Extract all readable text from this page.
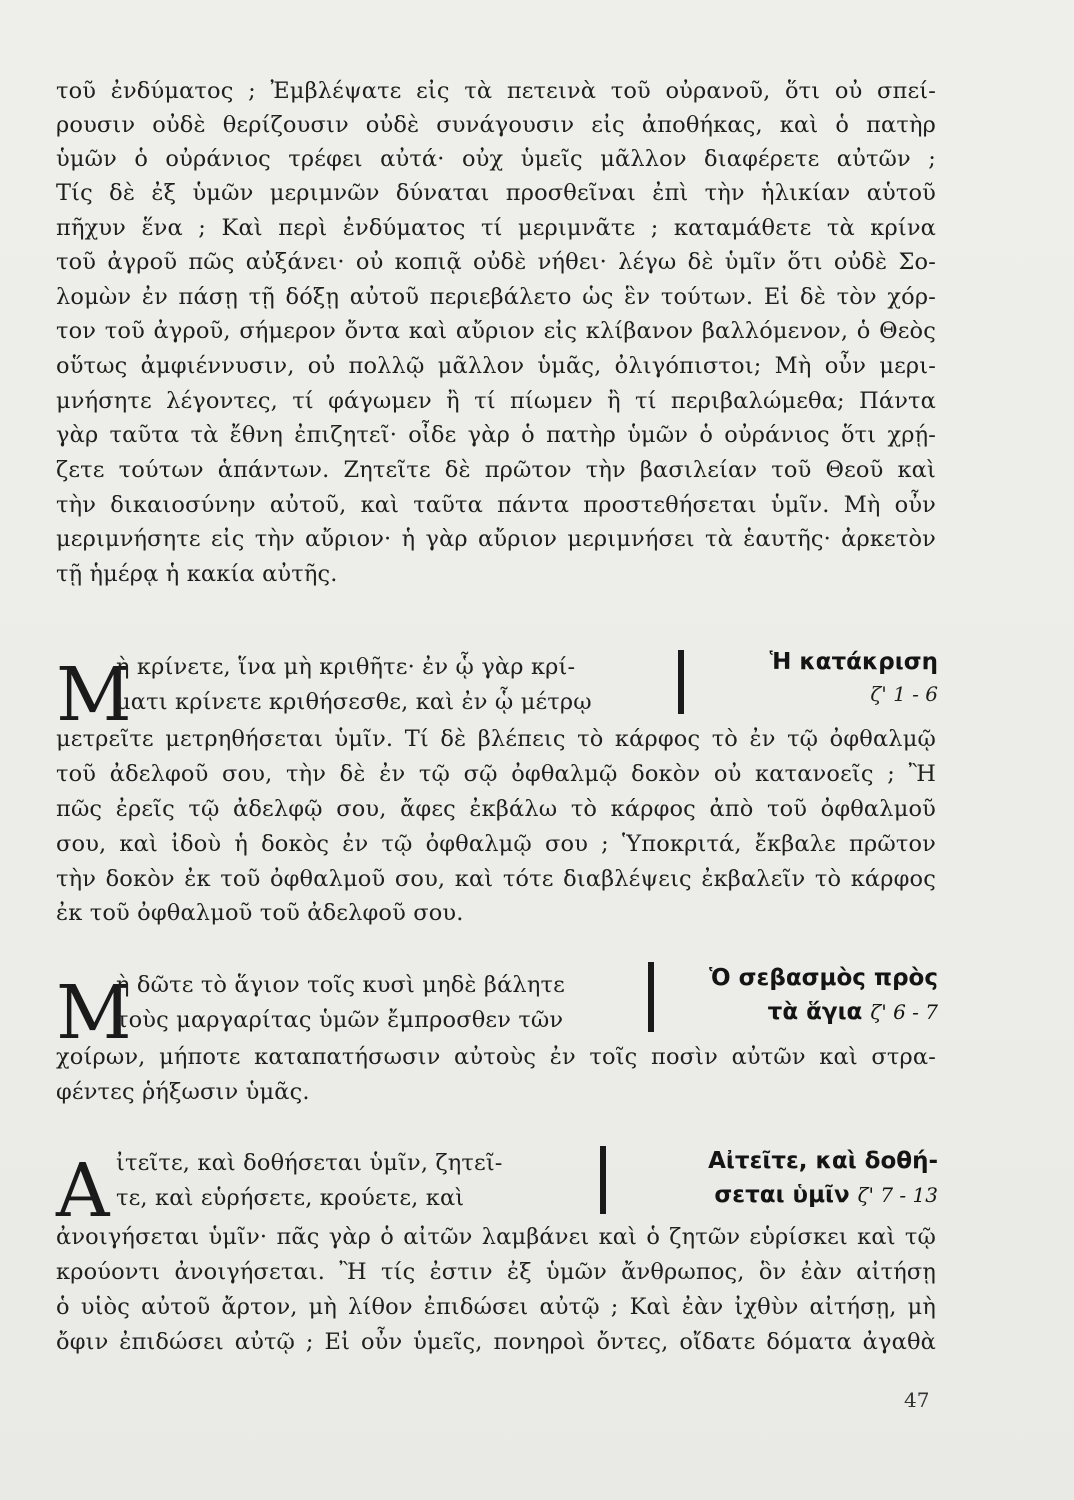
τοῦ ἐνδύματος ; Ἐμβλέψατε εἰς τὰ πετεινὰ τοῦ οὐρανοῦ, ὅτι οὐ σπεί-
ρουσιν οὐδὲ θερίζουσιν οὐδὲ συνάγουσιν εἰς ἀποθήκας, καὶ ὁ πατὴρ
ὑμῶν ὁ οὐράνιος τρέφει αὐτά· οὐχ ὑμεῖς μᾶλλον διαφέρετε αὐτῶν ;
Τίς δὲ ἐξ ὑμῶν μεριμνῶν δύναται προσθεῖναι ἐπὶ τὴν ἡλικίαν αὑτοῦ
πῆχυν ἕνα ; Καὶ περὶ ἐνδύματος τί μεριμνᾶτε ; καταμάθετε τὰ κρίνα
τοῦ ἀγροῦ πῶς αὐξάνει· οὐ κοπιᾷ οὐδὲ νήθει· λέγω δὲ ὑμῖν ὅτι οὐδὲ Σο-
λομὼν ἐν πάσῃ τῇ δόξῃ αὐτοῦ περιεβάλετο ὡς ἓν τούτων. Εἰ δὲ τὸν χόρ-
τον τοῦ ἀγροῦ, σήμερον ὄντα καὶ αὔριον εἰς κλίβανον βαλλόμενον, ὁ Θεὸς
οὕτως ἀμφιέννυσιν, οὐ πολλῷ μᾶλλον ὑμᾶς, ὀλιγόπιστοι; Μὴ οὖν μερι-
μνήσητε λέγοντες, τί φάγωμεν ἢ τί πίωμεν ἢ τί περιβαλώμεθα; Πάντα
γὰρ ταῦτα τὰ ἔθνη ἐπιζητεῖ· οἶδε γὰρ ὁ πατὴρ ὑμῶν ὁ οὐράνιος ὅτι χρῄ-
ζετε τούτων ἁπάντων. Ζητεῖτε δὲ πρῶτον τὴν βασιλείαν τοῦ Θεοῦ καὶ
τὴν δικαιοσύνην αὐτοῦ, καὶ ταῦτα πάντα προστεθήσεται ὑμῖν. Μὴ οὖν
μεριμνήσητε εἰς τὴν αὔριον· ἡ γὰρ αὔριον μεριμνήσει τὰ ἑαυτῆς· ἀρκετὸν
τῇ ἡμέρᾳ ἡ κακία αὐτῆς.
M
ὴ κρίνετε, ἵνα μὴ κριθῆτε· ἐν ᾧ γὰρ κρί-
ματι κρίνετε κριθήσεσθε, καὶ ἐν ᾧ μέτρῳ
Ἡ κατάκριση
ζ' 1 - 6
μετρεῖτε μετρηθήσεται ὑμῖν. Τί δὲ βλέπεις τὸ κάρφος τὸ ἐν τῷ ὀφθαλμῷ
τοῦ ἀδελφοῦ σου, τὴν δὲ ἐν τῷ σῷ ὀφθαλμῷ δοκὸν οὐ κατανοεῖς ; Ἢ
πῶς ἐρεῖς τῷ ἀδελφῷ σου, ἄφες ἐκβάλω τὸ κάρφος ἀπὸ τοῦ ὀφθαλμοῦ
σου, καὶ ἰδοὺ ἡ δοκὸς ἐν τῷ ὀφθαλμῷ σου ; Ὑποκριτά, ἔκβαλε πρῶτον
τὴν δοκὸν ἐκ τοῦ ὀφθαλμοῦ σου, καὶ τότε διαβλέψεις ἐκβαλεῖν τὸ κάρφος
ἐκ τοῦ ὀφθαλμοῦ τοῦ ἀδελφοῦ σου.
M
ὴ δῶτε τὸ ἅγιον τοῖς κυσὶ μηδὲ βάλητε
τοὺς μαργαρίτας ὑμῶν ἔμπροσθεν τῶν
Ὁ σεβασμὸς πρὸς
τὰ ἅγια ζ' 6 - 7
χοίρων, μήποτε καταπατήσωσιν αὐτοὺς ἐν τοῖς ποσὶν αὐτῶν καὶ στρα-
φέντες ῥήξωσιν ὑμᾶς.
A ἰτεῖτε, καὶ δοθήσεται ὑμῖν, ζητεῖ-
τε, καὶ εὑρήσετε, κρούετε, καὶ
Αἰτεῖτε, καὶ δοθή-
σεται ὑμῖν ζ' 7 - 13
ἀνοιγήσεται ὑμῖν· πᾶς γὰρ ὁ αἰτῶν λαμβάνει καὶ ὁ ζητῶν εὑρίσκει καὶ τῷ
κρούοντι ἀνοιγήσεται. Ἢ τίς ἐστιν ἐξ ὑμῶν ἄνθρωπος, ὃν ἐὰν αἰτήσῃ
ὁ υἱὸς αὐτοῦ ἄρτον, μὴ λίθον ἐπιδώσει αὐτῷ ; Καὶ ἐὰν ἰχθὺν αἰτήσῃ, μὴ
ὄφιν ἐπιδώσει αὐτῷ ; Εἰ οὖν ὑμεῖς, πονηροὶ ὄντες, οἴδατε δόματα ἀγαθὰ
47
